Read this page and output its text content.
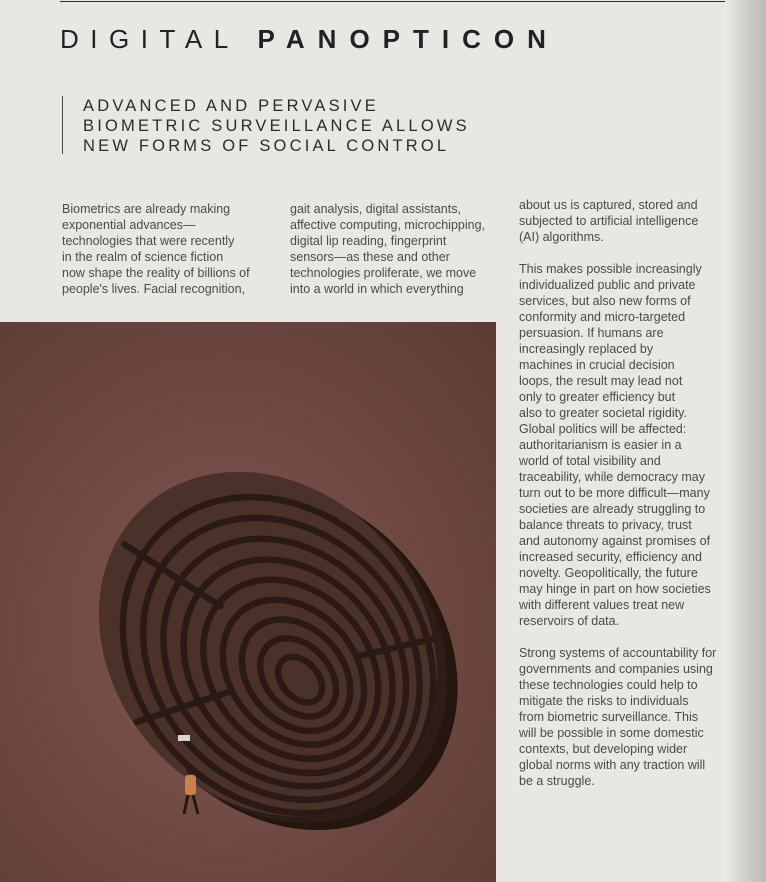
DIGITAL PANOPTICON
ADVANCED AND PERVASIVE
BIOMETRIC SURVEILLANCE ALLOWS
NEW FORMS OF SOCIAL CONTROL

Biometrics are already making
exponential advances—
technologies that were recently
in the realm of science fiction
now shape the reality of billions of
people's lives. Facial recognition,

gait analysis, digital assistants,
affective computing, microchipping,
digital lip reading, fingerprint
sensors—as these and other
technologies proliferate, we move
into a world in which everything

about us is captured, stored and
subjected to artificial intelligence
(AI) algorithms.

This makes possible increasingly
individualized public and private
services, but also new forms of
conformity and micro-targeted
persuasion. If humans are
increasingly replaced by
machines in crucial decision
loops, the result may lead not
only to greater efficiency but
also to greater societal rigidity.
Global politics will be affected:
authoritarianism is easier in a
world of total visibility and
traceability, while democracy may
turn out to be more difficult—many
societies are already struggling to
balance threats to privacy, trust
and autonomy against promises of
increased security, efficiency and
novelty. Geopolitically, the future
may hinge in part on how societies
with different values treat new
reservoirs of data.

Strong systems of accountability for
governments and companies using
these technologies could help to
mitigate the risks to individuals
from biometric surveillance. This
will be possible in some domestic
contexts, but developing wider
global norms with any traction will
be a struggle.
